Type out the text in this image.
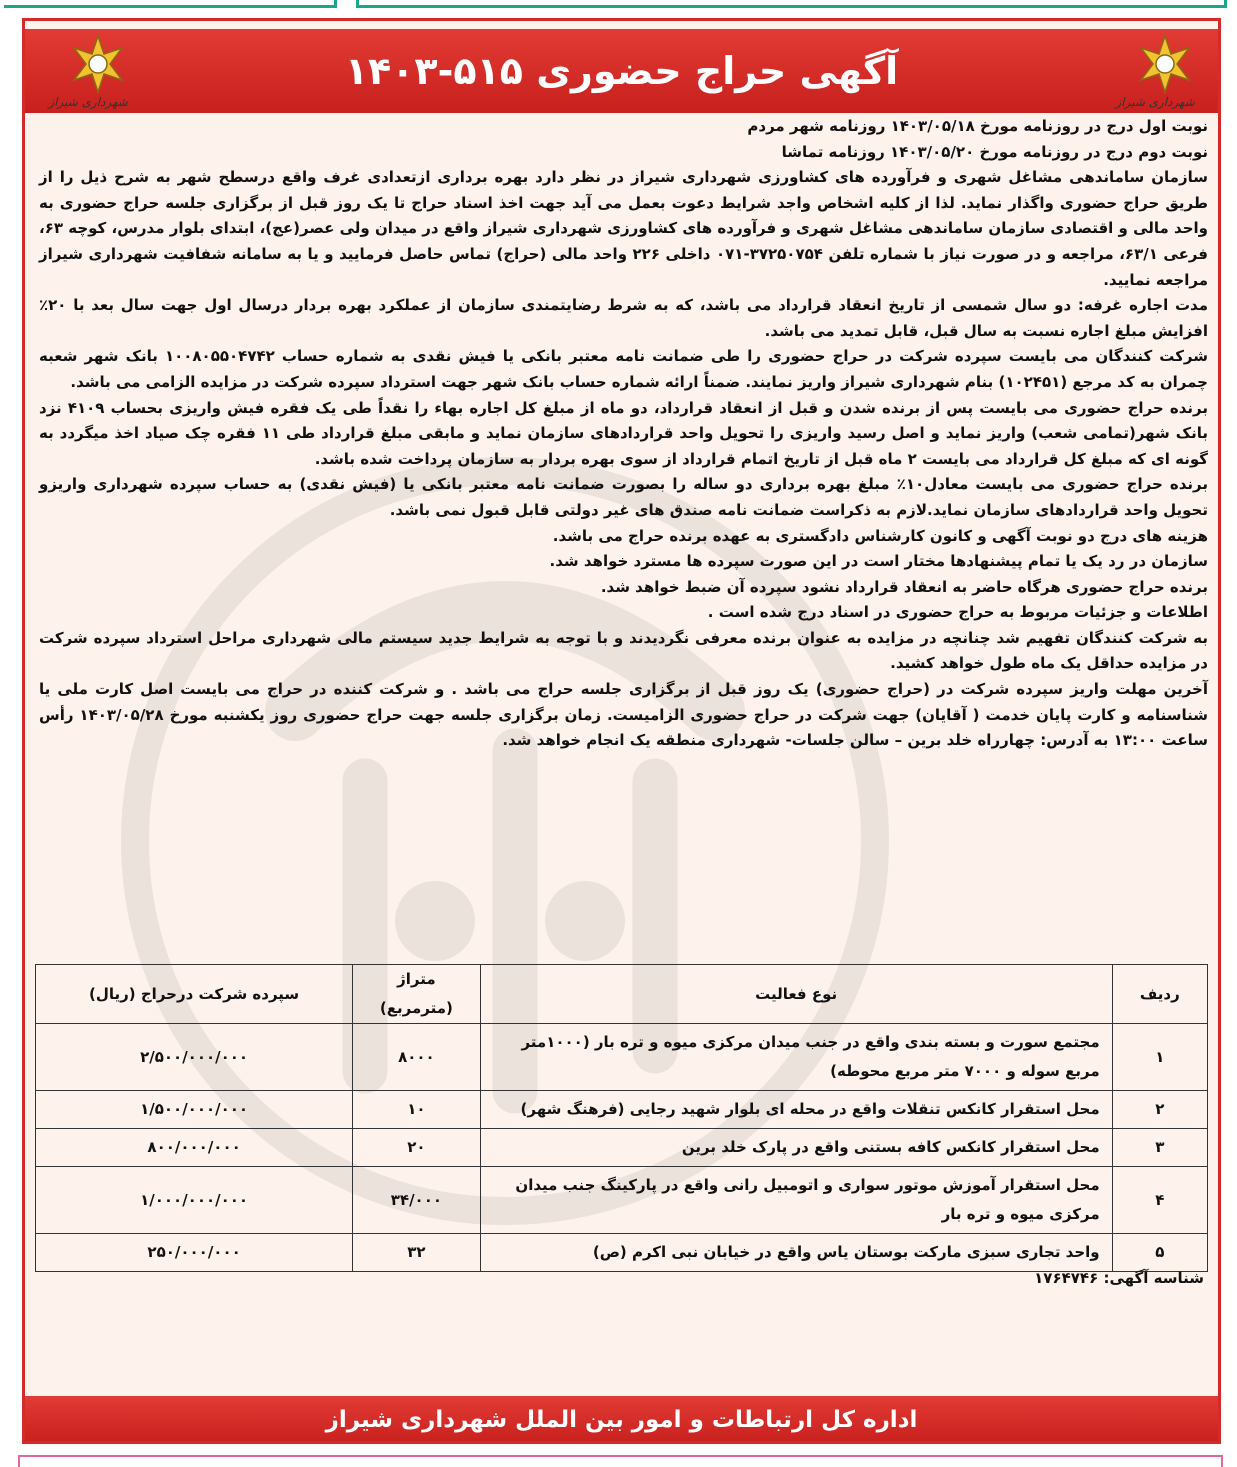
شهرداری شیراز
آگهی حراج حضوری ۵۱۵-۱۴۰۳
شهرداری شیراز

نوبت اول درج در روزنامه مورخ ۱۴۰۳/۰۵/۱۸ روزنامه شهر مردم

نوبت دوم درج در روزنامه مورخ ۱۴۰۳/۰۵/۲۰ روزنامه تماشا

سازمان ساماندهی مشاغل شهری و فرآورده های کشاورزی شهرداری شیراز در نظر دارد بهره برداری ازتعدادی غرف واقع درسطح شهر به شرح ذیل را از طریق حراج حضوری واگذار نماید. لذا از کلیه اشخاص واجد شرایط دعوت بعمل می آید جهت اخذ اسناد حراج تا یک روز قبل از برگزاری جلسه حراج حضوری به واحد مالی و اقتصادی سازمان ساماندهی مشاغل شهری و فرآورده های کشاورزی شهرداری شیراز واقع در میدان ولی عصر(عج)، ابتدای بلوار مدرس، کوچه ۶۳، فرعی ۶۳/۱، مراجعه و در صورت نیاز با شماره تلفن ۳۷۲۵۰۷۵۴-۰۷۱ داخلی ۲۲۶ واحد مالی (حراج) تماس حاصل فرمایید و یا به سامانه شفافیت شهرداری شیراز مراجعه نمایید.

مدت اجاره غرفه: دو سال شمسی از تاریخ انعقاد قرارداد می باشد، که به شرط رضایتمندی سازمان از عملکرد بهره بردار درسال اول جهت سال بعد با ۲۰٪ افزایش مبلغ اجاره نسبت به سال قبل، قابل تمدید می باشد.

شرکت کنندگان می بایست سپرده شرکت در حراج حضوری را طی ضمانت نامه معتبر بانکی یا فیش نقدی به شماره حساب ۱۰۰۸۰۵۵۰۴۷۴۲ بانک شهر شعبه چمران به کد مرجع (۱۰۲۴۵۱) بنام شهرداری شیراز واریز نمایند. ضمناً ارائه شماره حساب بانک شهر جهت استرداد سپرده شرکت در مزایده الزامی می باشد.

برنده حراج حضوری می بایست پس از برنده شدن و قبل از انعقاد قرارداد، دو ماه از مبلغ کل اجاره بهاء را نقداً طی یک فقره فیش واریزی بحساب ۴۱۰۹ نزد بانک شهر(تمامی شعب) واریز نماید و اصل رسید واریزی را تحویل واحد قراردادهای سازمان نماید و مابقی مبلغ قرارداد طی ۱۱ فقره چک صیاد اخذ میگردد به گونه ای که مبلغ کل قرارداد می بایست ۲ ماه قبل از تاریخ اتمام قرارداد از سوی بهره بردار به سازمان پرداخت شده باشد.

برنده حراج حضوری می بایست معادل۱۰٪ مبلغ بهره برداری دو ساله را بصورت ضمانت نامه معتبر بانکی یا (فیش نقدی) به حساب سپرده شهرداری واریزو تحویل واحد قراردادهای سازمان نماید.لازم به ذکراست ضمانت نامه صندق های غیر دولتی قابل قبول نمی باشد.

هزینه های درج دو نوبت آگهی و کانون کارشناس دادگستری به عهده برنده حراج می باشد.

سازمان در رد یک یا تمام پیشنهادها مختار است در این صورت سپرده ها مسترد خواهد شد.

برنده حراج حضوری هرگاه حاضر به انعقاد قرارداد نشود سپرده آن ضبط خواهد شد.

اطلاعات و جزئیات مربوط به حراج حضوری در اسناد درج شده است .

به شرکت کنندگان تفهیم شد چنانچه در مزایده به عنوان برنده معرفی نگردیدند و با توجه به شرایط جدید سیستم مالی شهرداری مراحل استرداد سپرده شرکت در مزایده حداقل یک ماه طول خواهد کشید.

آخرین مهلت واریز سپرده شرکت در (حراج حضوری) یک روز قبل از برگزاری جلسه حراج می باشد . و شرکت کننده در حراج می بایست اصل کارت ملی یا شناسنامه و کارت پایان خدمت ( آقایان) جهت شرکت در حراج حضوری الزامیست. زمان برگزاری جلسه جهت حراج حضوری روز یکشنبه مورخ ۱۴۰۳/۰۵/۲۸ رأس ساعت ۱۳:۰۰ به آدرس: چهارراه خلد برین – سالن جلسات- شهرداری منطقه یک انجام خواهد شد.

ردیف	نوع فعالیت	متراژ (مترمربع)	سپرده شرکت درحراج (ریال)
۱	مجتمع سورت و بسته بندی واقع در جنب میدان مرکزی میوه و تره بار (۱۰۰۰متر مربع سوله و ۷۰۰۰ متر مربع محوطه)	۸۰۰۰	۲/۵۰۰/۰۰۰/۰۰۰
۲	محل استقرار کانکس تنقلات واقع در محله ای بلوار شهید رجایی (فرهنگ شهر)	۱۰	۱/۵۰۰/۰۰۰/۰۰۰
۳	محل استقرار کانکس کافه بستنی واقع در پارک خلد برین	۲۰	۸۰۰/۰۰۰/۰۰۰
۴	محل استقرار آموزش موتور سواری و اتومبیل رانی واقع در پارکینگ جنب میدان مرکزی میوه و تره بار	۳۴/۰۰۰	۱/۰۰۰/۰۰۰/۰۰۰
۵	واحد تجاری سبزی مارکت بوستان یاس واقع در خیابان نبی اکرم (ص)	۳۲	۲۵۰/۰۰۰/۰۰۰
شناسه آگهی: ۱۷۶۴۷۴۶
اداره کل ارتباطات و امور بین الملل شهرداری شیراز
